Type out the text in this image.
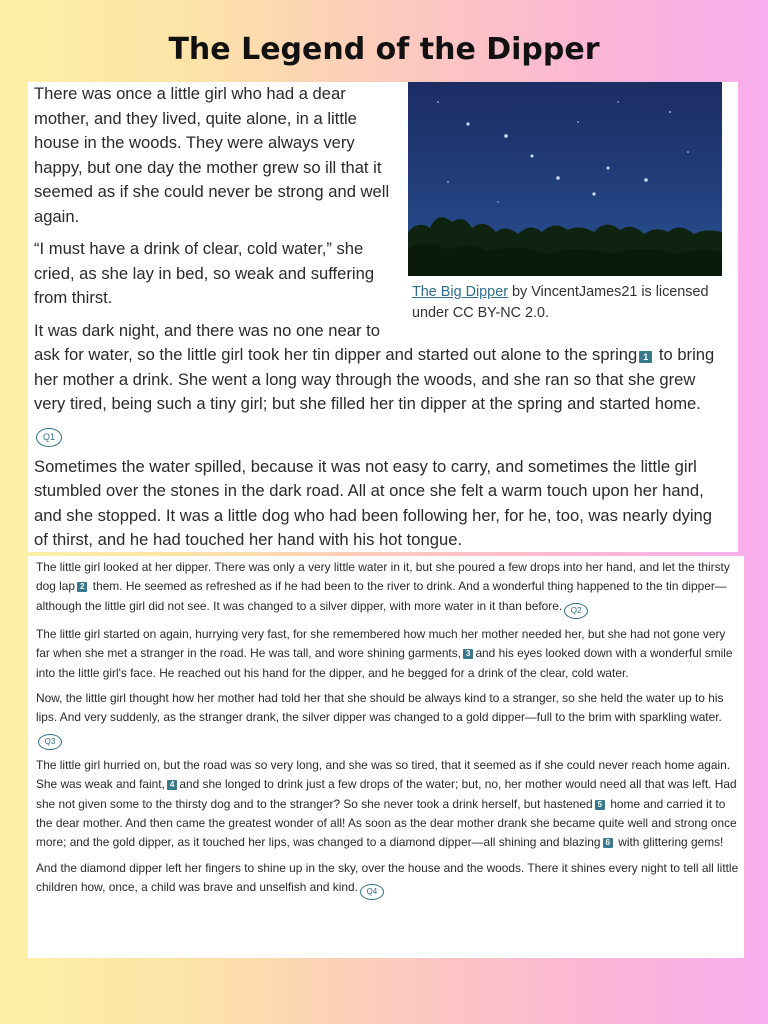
The Legend of the Dipper
The Big Dipper by VincentJames21 is licensed under CC BY-NC 2.0.

There was once a little girl who had a dear mother, and they lived, quite alone, in a little house in the woods. They were always very happy, but one day the mother grew so ill that it seemed as if she could never be strong and well again.

“I must have a drink of clear, cold water,” she cried, as she lay in bed, so weak and suffering from thirst.

It was dark night, and there was no one near to ask for water, so the little girl took her tin dipper and started out alone to the spring 1 to bring her mother a drink. She went a long way through the woods, and she ran so that she grew very tired, being such a tiny girl; but she filled her tin dipper at the spring and started home.Q1

Sometimes the water spilled, because it was not easy to carry, and sometimes the little girl stumbled over the stones in the dark road. All at once she felt a warm touch upon her hand, and she stopped. It was a little dog who had been following her, for he, too, was nearly dying of thirst, and he had touched her hand with his hot tongue.

The little girl looked at her dipper. There was only a very little water in it, but she poured a few drops into her hand, and let the thirsty dog lap 2 them. He seemed as refreshed as if he had been to the river to drink. And a wonderful thing happened to the tin dipper—although the little girl did not see. It was changed to a silver dipper, with more water in it than before. Q2

The little girl started on again, hurrying very fast, for she remembered how much her mother needed her, but she had not gone very far when she met a stranger in the road. He was tall, and wore shining garments, 3 and his eyes looked down with a wonderful smile into the little girl's face. He reached out his hand for the dipper, and he begged for a drink of the clear, cold water.

Now, the little girl thought how her mother had told her that she should be always kind to a stranger, so she held the water up to his lips. And very suddenly, as the stranger drank, the silver dipper was changed to a gold dipper—full to the brim with sparkling water.Q3

The little girl hurried on, but the road was so very long, and she was so tired, that it seemed as if she could never reach home again. She was weak and faint, 4 and she longed to drink just a few drops of the water; but, no, her mother would need all that was left. Had she not given some to the thirsty dog and to the stranger? So she never took a drink herself, but hastened 5 home and carried it to the dear mother. And then came the greatest wonder of all! As soon as the dear mother drank she became quite well and strong once more; and the gold dipper, as it touched her lips, was changed to a diamond dipper—all shining and blazing 6 with glittering gems!

And the diamond dipper left her fingers to shine up in the sky, over the house and the woods. There it shines every night to tell all little children how, once, a child was brave and unselfish and kind. Q4
